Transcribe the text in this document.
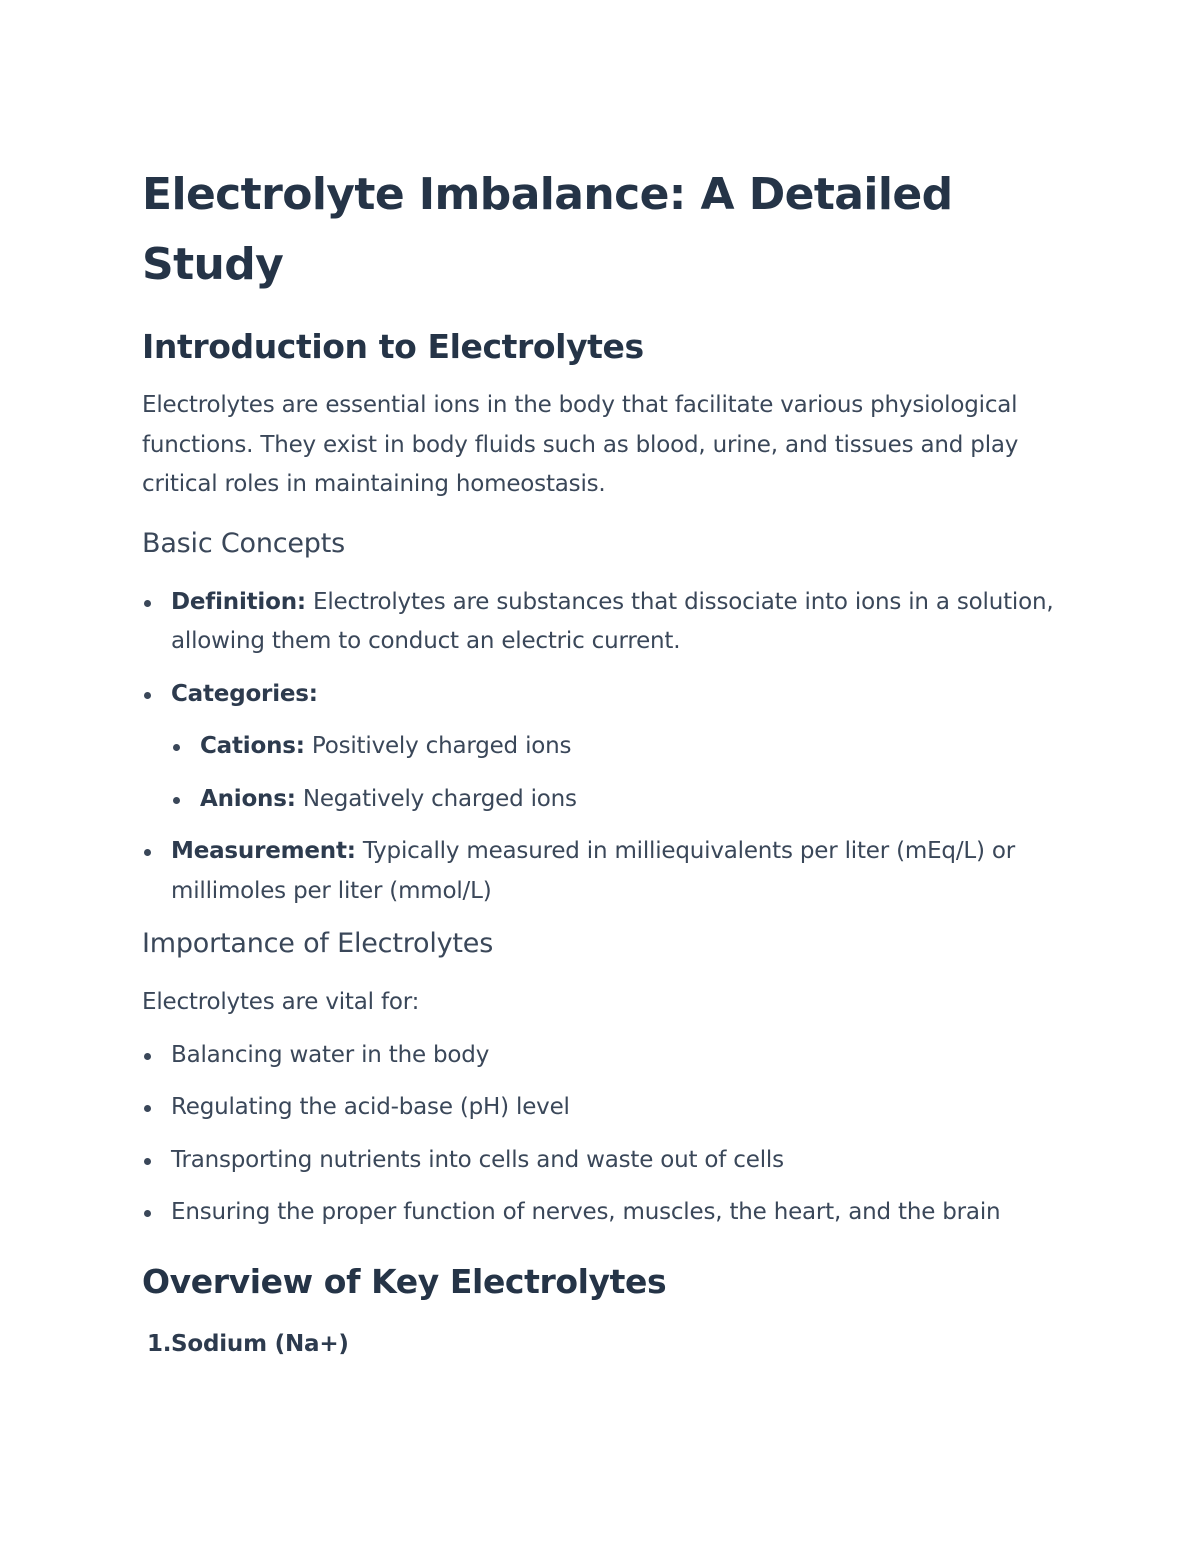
Electrolyte Imbalance: A Detailed Study
Introduction to Electrolytes

Electrolytes are essential ions in the body that facilitate various physiological functions. They exist in body fluids such as blood, urine, and tissues and play critical roles in maintaining homeostasis.

Basic Concepts
Definition: Electrolytes are substances that dissociate into ions in a solution, allowing them to conduct an electric current.
Categories:
Cations: Positively charged ions
Anions: Negatively charged ions
Measurement: Typically measured in milliequivalents per liter (mEq/L) or millimoles per liter (mmol/L)
Importance of Electrolytes

Electrolytes are vital for:

Balancing water in the body
Regulating the acid-base (pH) level
Transporting nutrients into cells and waste out of cells
Ensuring the proper function of nerves, muscles, the heart, and the brain
Overview of Key Electrolytes
1. Sodium (Na+)
